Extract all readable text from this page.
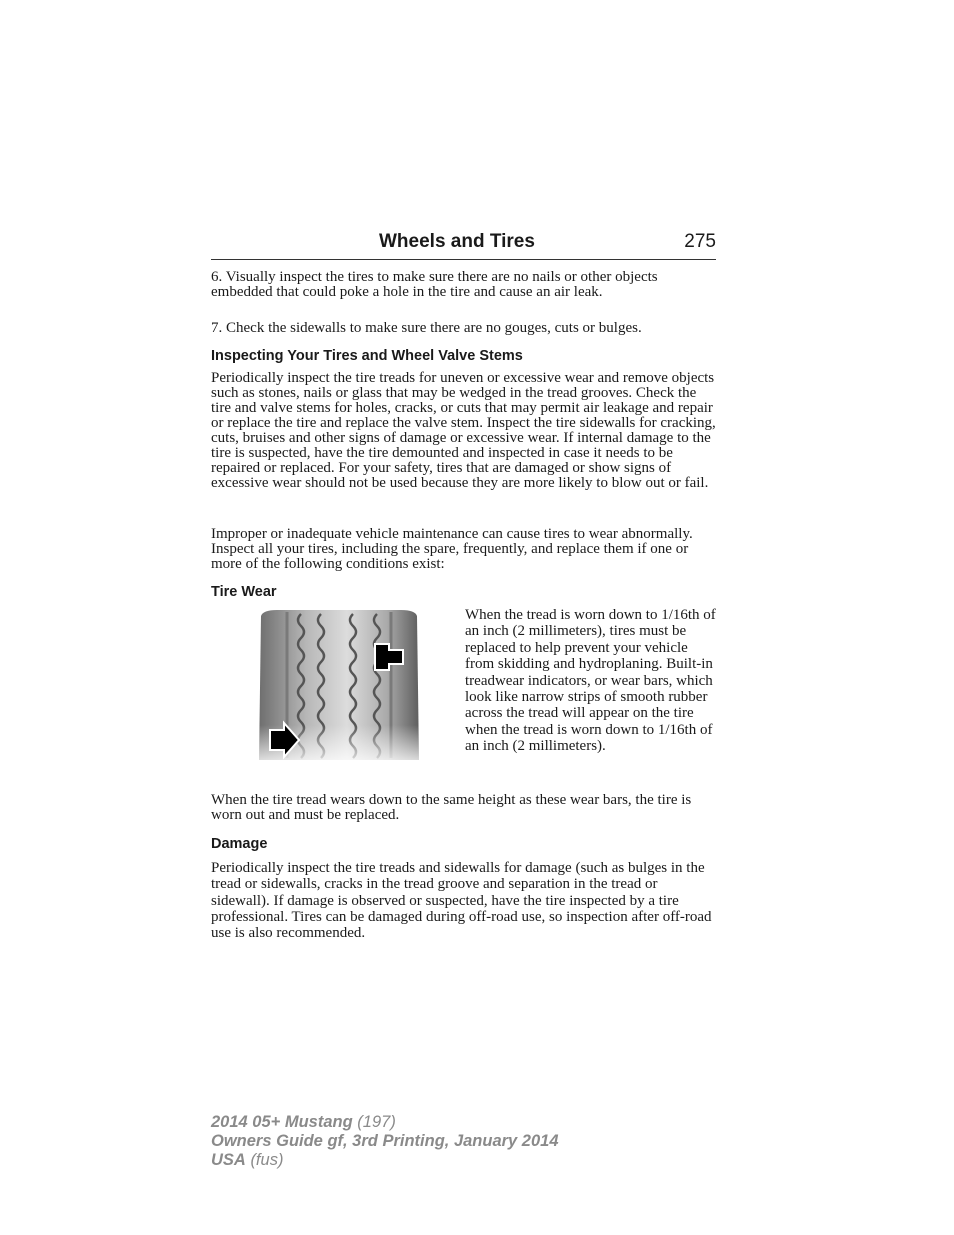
Wheels and Tires	275

6. Visually inspect the tires to make sure there are no nails or other objects embedded that could poke a hole in the tire and cause an air leak.

7. Check the sidewalls to make sure there are no gouges, cuts or bulges.

Inspecting Your Tires and Wheel Valve Stems

Periodically inspect the tire treads for uneven or excessive wear and remove objects such as stones, nails or glass that may be wedged in the tread grooves. Check the tire and valve stems for holes, cracks, or cuts that may permit air leakage and repair or replace the tire and replace the valve stem. Inspect the tire sidewalls for cracking, cuts, bruises and other signs of damage or excessive wear. If internal damage to the tire is suspected, have the tire demounted and inspected in case it needs to be repaired or replaced. For your safety, tires that are damaged or show signs of excessive wear should not be used because they are more likely to blow out or fail.

Improper or inadequate vehicle maintenance can cause tires to wear abnormally. Inspect all your tires, including the spare, frequently, and replace them if one or more of the following conditions exist:

Tire Wear

When the tread is worn down to 1/16th of an inch (2 millimeters), tires must be replaced to help prevent your vehicle from skidding and hydroplaning. Built-in treadwear indicators, or wear bars, which look like narrow strips of smooth rubber across the tread will appear on the tire when the tread is worn down to 1/16th of an inch (2 millimeters).

When the tire tread wears down to the same height as these wear bars, the tire is worn out and must be replaced.

Damage

Periodically inspect the tire treads and sidewalls for damage (such as bulges in the tread or sidewalls, cracks in the tread groove and separation in the tread or sidewall). If damage is observed or suspected, have the tire inspected by a tire professional. Tires can be damaged during off-road use, so inspection after off-road use is also recommended.

2014 05+ Mustang (197)
Owners Guide gf, 3rd Printing, January 2014
USA (fus)
